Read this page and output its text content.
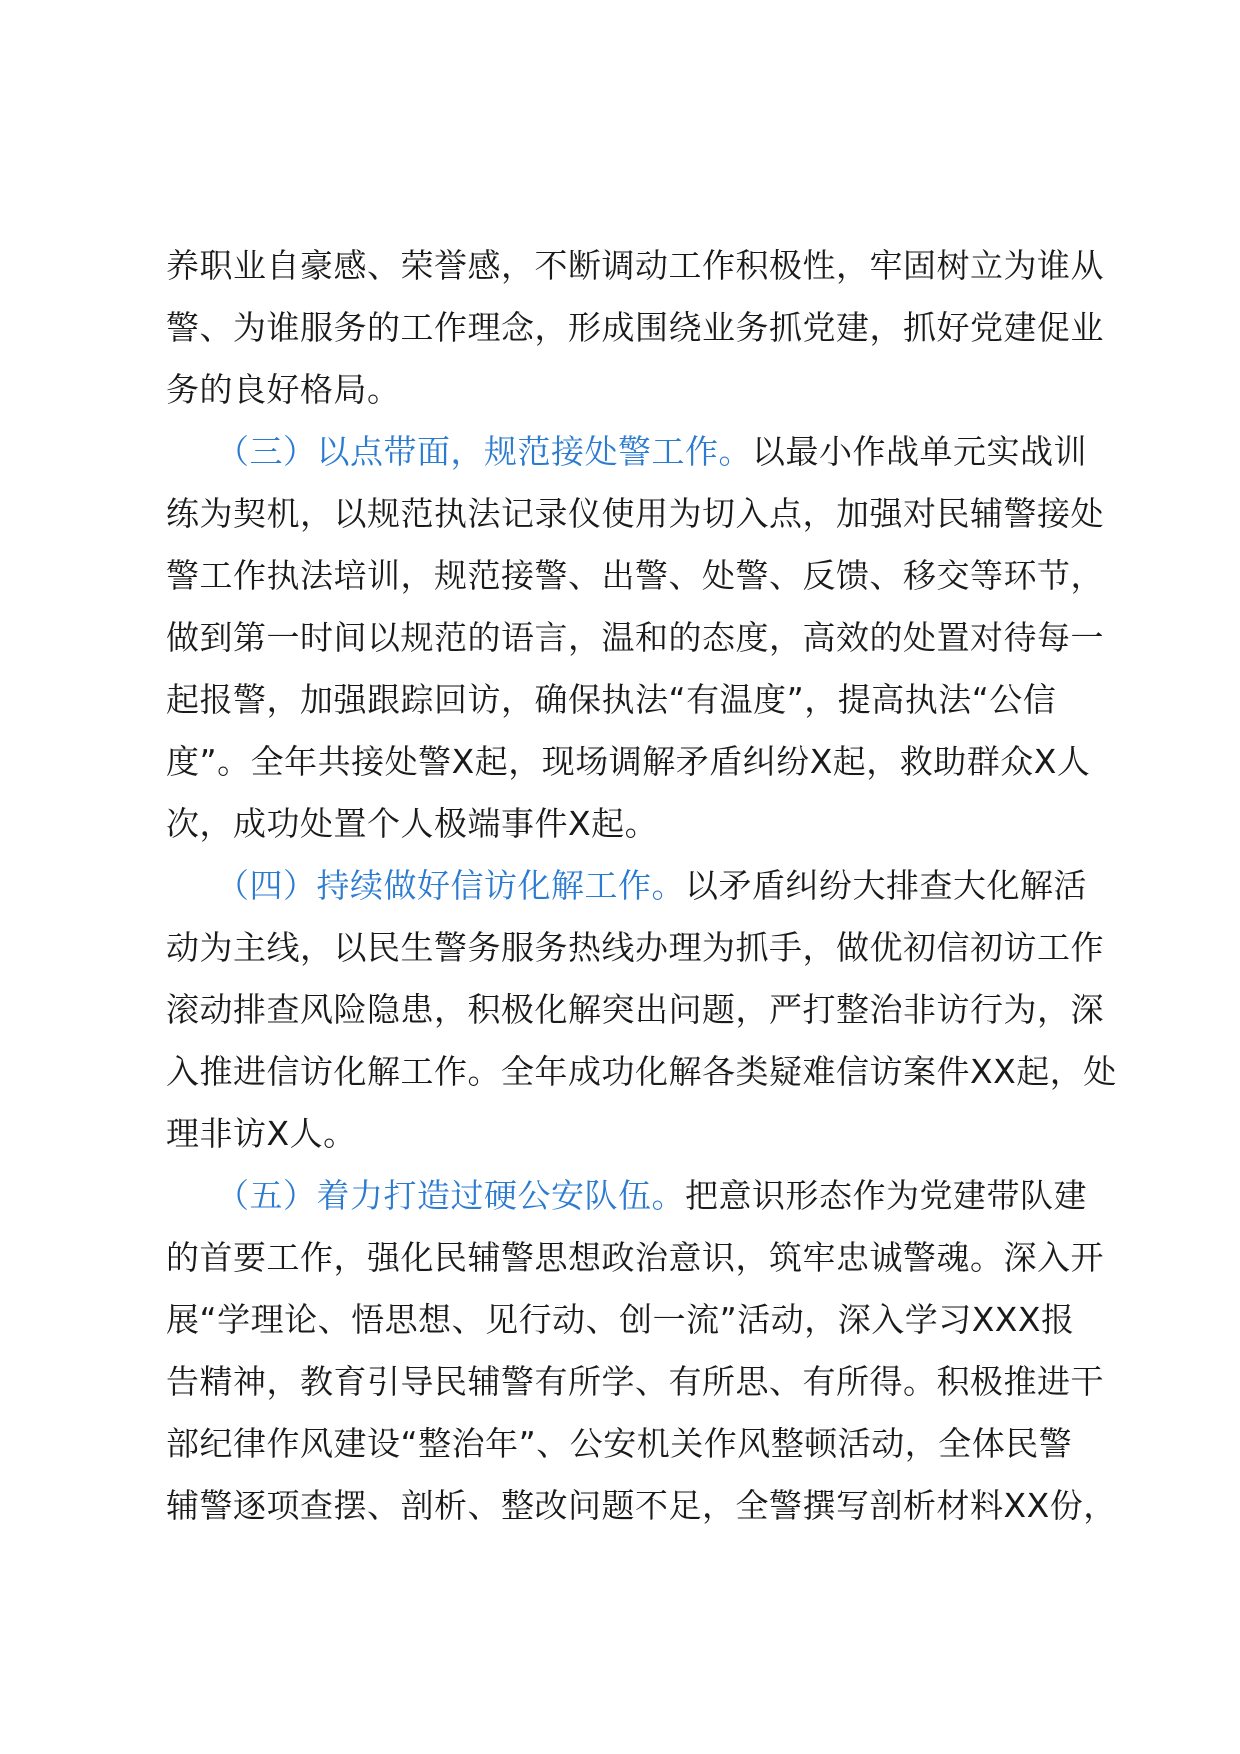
养职业自豪感、荣誉感，不断调动工作积极性，牢固树立为谁从
警、为谁服务的工作理念，形成围绕业务抓党建，抓好党建促业
务的良好格局。
（三）以点带面，规范接处警工作。以最小作战单元实战训
练为契机，以规范执法记录仪使用为切入点，加强对民辅警接处
警工作执法培训，规范接警、出警、处警、反馈、移交等环节，
做到第一时间以规范的语言，温和的态度，高效的处置对待每一
起报警，加强跟踪回访，确保执法“有温度”，提高执法“公信
度”。全年共接处警X起，现场调解矛盾纠纷X起，救助群众X人
次，成功处置个人极端事件X起。
（四）持续做好信访化解工作。以矛盾纠纷大排查大化解活
动为主线，以民生警务服务热线办理为抓手，做优初信初访工作
滚动排查风险隐患，积极化解突出问题，严打整治非访行为，深
入推进信访化解工作。全年成功化解各类疑难信访案件XX起，处
理非访X人。
（五）着力打造过硬公安队伍。把意识形态作为党建带队建
的首要工作，强化民辅警思想政治意识，筑牢忠诚警魂。深入开
展“学理论、悟思想、见行动、创一流”活动，深入学习XXX报
告精神，教育引导民辅警有所学、有所思、有所得。积极推进干
部纪律作风建设“整治年”、公安机关作风整顿活动，全体民警
辅警逐项查摆、剖析、整改问题不足，全警撰写剖析材料XX份，
